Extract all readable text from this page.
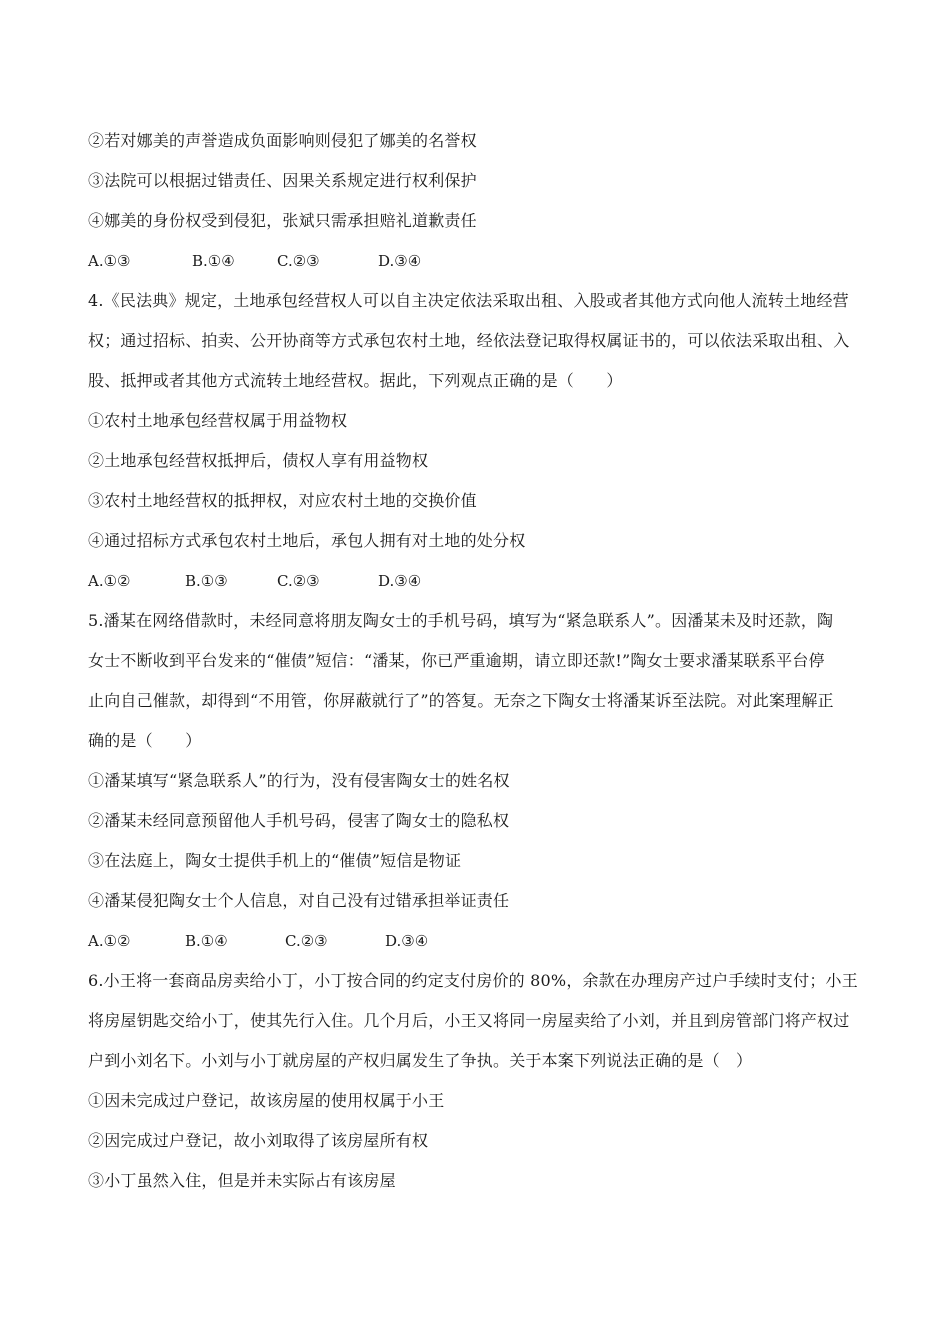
②若对娜美的声誉造成负面影响则侵犯了娜美的名誉权
③法院可以根据过错责任、因果关系规定进行权利保护
④娜美的身份权受到侵犯，张斌只需承担赔礼道歉责任
A.①③	B.①④	C.②③	D.③④
4.《民法典》规定，土地承包经营权人可以自主决定依法采取出租、入股或者其他方式向他人流转土地经营
权；通过招标、拍卖、公开协商等方式承包农村土地，经依法登记取得权属证书的，可以依法采取出租、入
股、抵押或者其他方式流转土地经营权。据此，下列观点正确的是（　　）
①农村土地承包经营权属于用益物权
②土地承包经营权抵押后，债权人享有用益物权
③农村土地经营权的抵押权，对应农村土地的交换价值
④通过招标方式承包农村土地后，承包人拥有对土地的处分权
A.①②	B.①③	C.②③	D.③④
5.潘某在网络借款时，未经同意将朋友陶女士的手机号码，填写为“紧急联系人”。因潘某未及时还款，陶
女士不断收到平台发来的“催债”短信：“潘某，你已严重逾期，请立即还款!”陶女士要求潘某联系平台停
止向自己催款，却得到“不用管，你屏蔽就行了”的答复。无奈之下陶女士将潘某诉至法院。对此案理解正
确的是（　　）
①潘某填写“紧急联系人”的行为，没有侵害陶女士的姓名权
②潘某未经同意预留他人手机号码，侵害了陶女士的隐私权
③在法庭上，陶女士提供手机上的“催债”短信是物证
④潘某侵犯陶女士个人信息，对自己没有过错承担举证责任
A.①②	B.①④	C.②③	D.③④
6.小王将一套商品房卖给小丁，小丁按合同的约定支付房价的 80%，余款在办理房产过户手续时支付；小王
将房屋钥匙交给小丁，使其先行入住。几个月后，小王又将同一房屋卖给了小刘，并且到房管部门将产权过
户到小刘名下。小刘与小丁就房屋的产权归属发生了争执。关于本案下列说法正确的是（　）
①因未完成过户登记，故该房屋的使用权属于小王
②因完成过户登记，故小刘取得了该房屋所有权
③小丁虽然入住，但是并未实际占有该房屋
